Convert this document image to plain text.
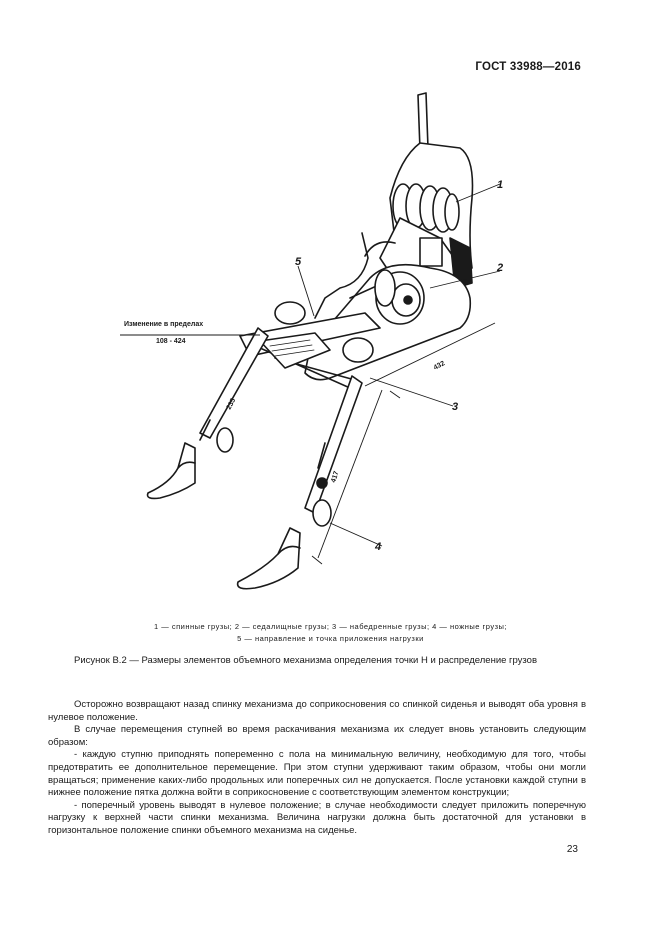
ГОСТ 33988—2016
1
2
3
4
5
Изменение в пределах
108 - 424
432
417
235
1 — спинные грузы; 2 — седалищные грузы; 3 — набедренные грузы; 4 — ножные грузы;
5 — направление и точка приложения нагрузки
Рисунок В.2 — Размеры элементов объемного механизма определения точки H и распределение грузов

Осторожно возвращают назад спинку механизма до соприкосновения со спинкой сиденья и выводят оба уровня в нулевое положение.

В случае перемещения ступней во время раскачивания механизма их следует вновь установить следующим образом:

- каждую ступню приподнять попеременно с пола на минимальную величину, необходимую для того, чтобы предотвратить ее дополнительное перемещение. При этом ступни удерживают таким образом, чтобы они могли вращаться; применение каких-либо продольных или поперечных сил не допускается. После установки каждой ступни в нижнее положение пятка должна войти в соприкосновение с соответствующим элементом конструкции;

- поперечный уровень выводят в нулевое положение; в случае необходимости следует приложить поперечную нагрузку к верхней части спинки механизма. Величина нагрузки должна быть достаточной для установки в горизонтальное положение спинки объемного механизма на сиденье.

23
